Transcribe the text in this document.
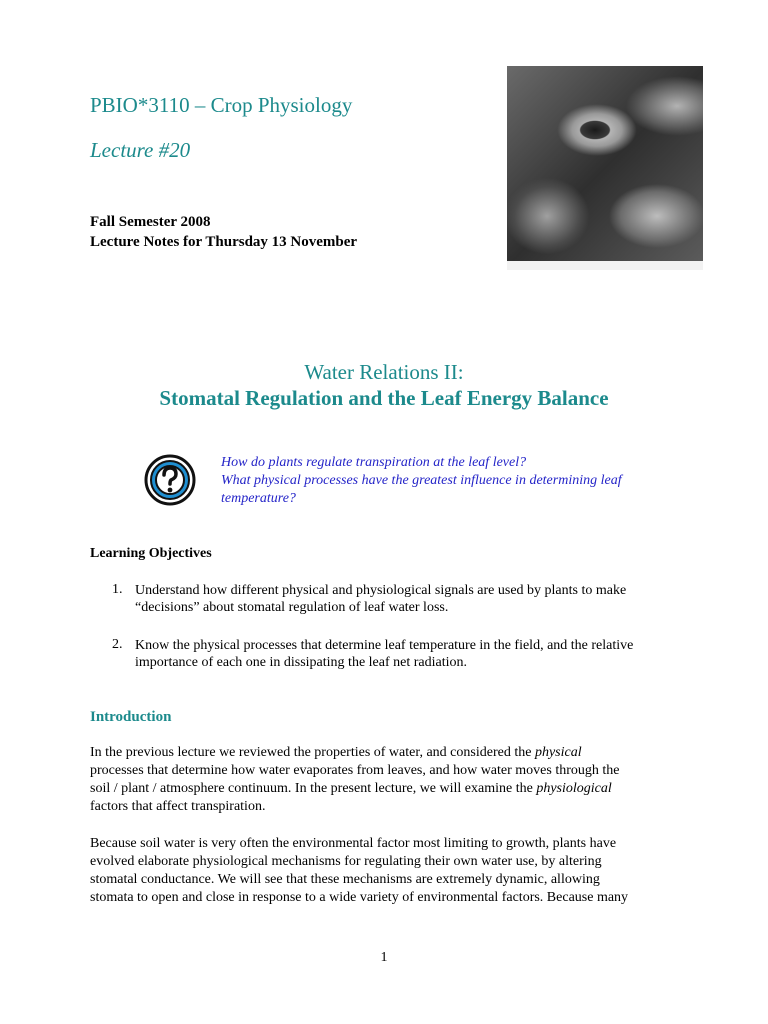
PBIO*3110 – Crop Physiology
Lecture #20
Fall Semester 2008
Lecture Notes for Thursday 13 November
Water Relations II:
Stomatal Regulation and the Leaf Energy Balance
How do plants regulate transpiration at the leaf level?
What physical processes have the greatest influence in determining leaf
temperature?
Learning Objectives
1. Understand how different physical and physiological signals are used by plants to make
“decisions” about stomatal regulation of leaf water loss.
2. Know the physical processes that determine leaf temperature in the field, and the relative
importance of each one in dissipating the leaf net radiation.
Introduction
In the previous lecture we reviewed the properties of water, and considered the physical
processes that determine how water evaporates from leaves, and how water moves through the
soil / plant / atmosphere continuum. In the present lecture, we will examine the physiological
factors that affect transpiration.
Because soil water is very often the environmental factor most limiting to growth, plants have
evolved elaborate physiological mechanisms for regulating their own water use, by altering
stomatal conductance. We will see that these mechanisms are extremely dynamic, allowing
stomata to open and close in response to a wide variety of environmental factors. Because many
1
